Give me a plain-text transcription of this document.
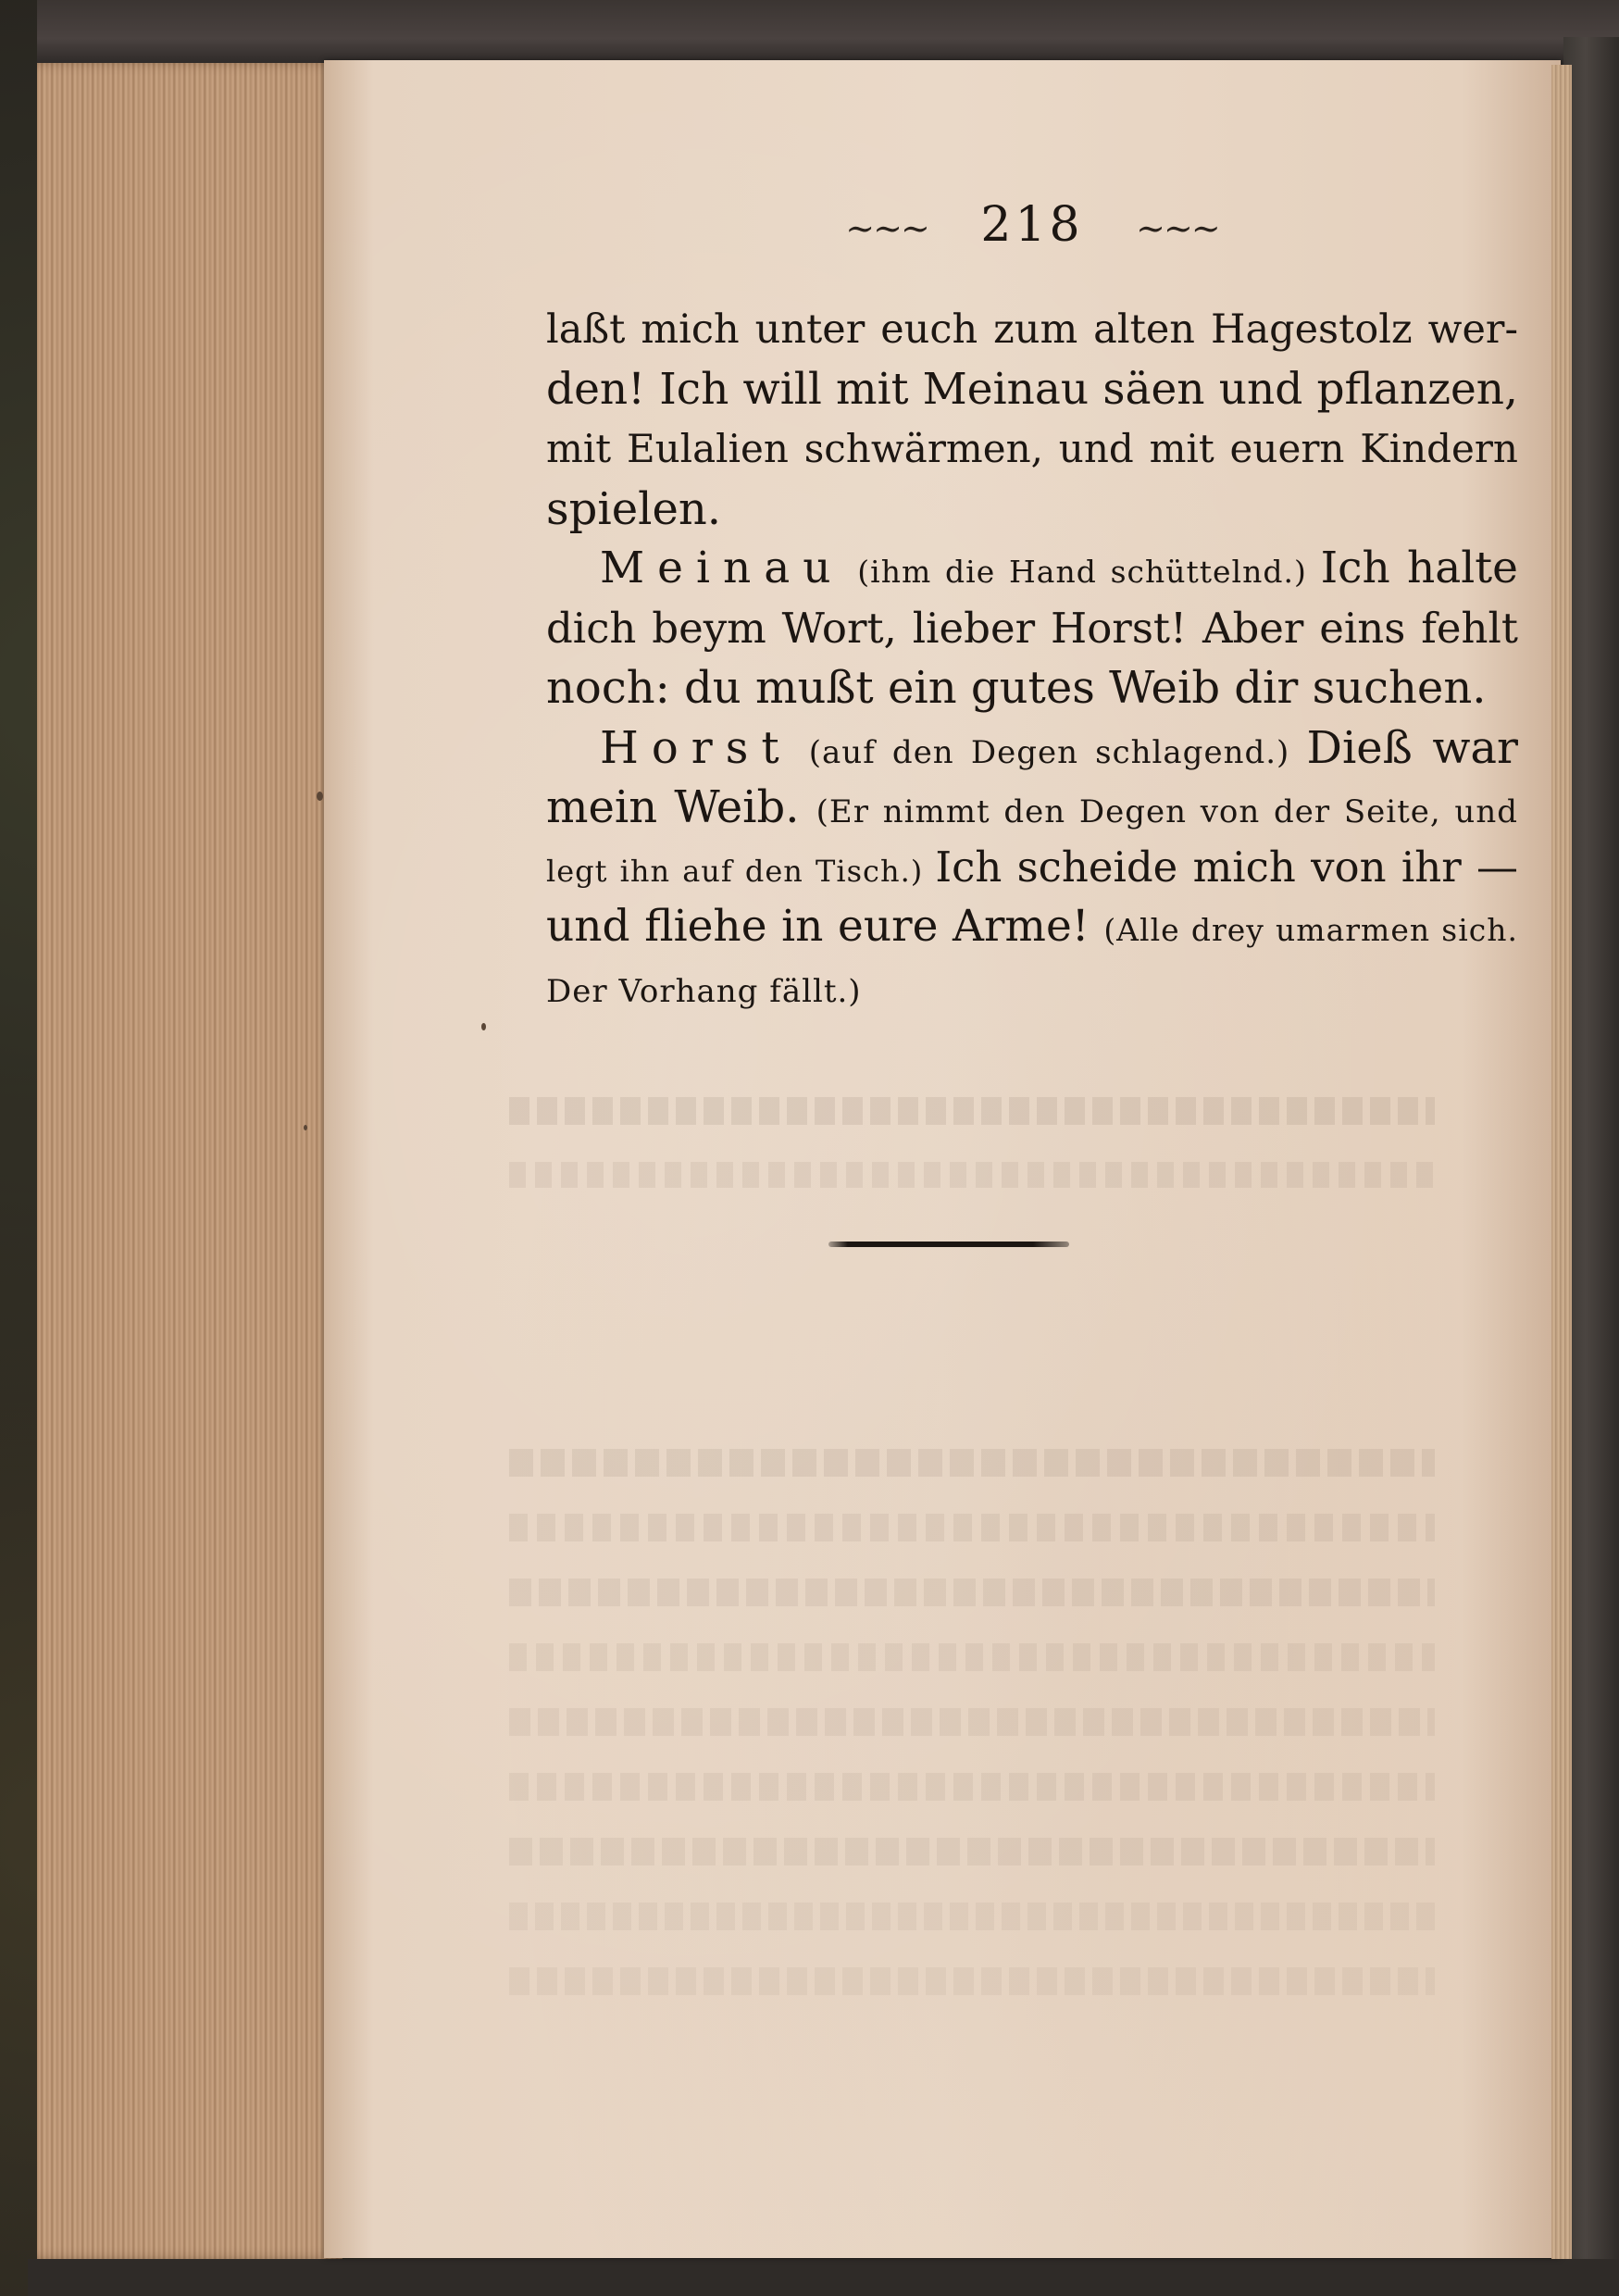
~~~ 218 ~~~
laßt mich unter euch zum alten Hagestolz wer-
den! Ich will mit Meinau säen und pflanzen,
mit Eulalien schwärmen, und mit euern Kindern
spielen.
Meinau (ihm die Hand schüttelnd.) Ich halte
dich beym Wort, lieber Horst! Aber eins fehlt
noch: du mußt ein gutes Weib dir suchen.
Horst (auf den Degen schlagend.) Dieß war
mein Weib. (Er nimmt den Degen von der Seite, und
legt ihn auf den Tisch.) Ich scheide mich von ihr —
und fliehe in eure Arme! (Alle drey umarmen sich.
Der Vorhang fällt.)
